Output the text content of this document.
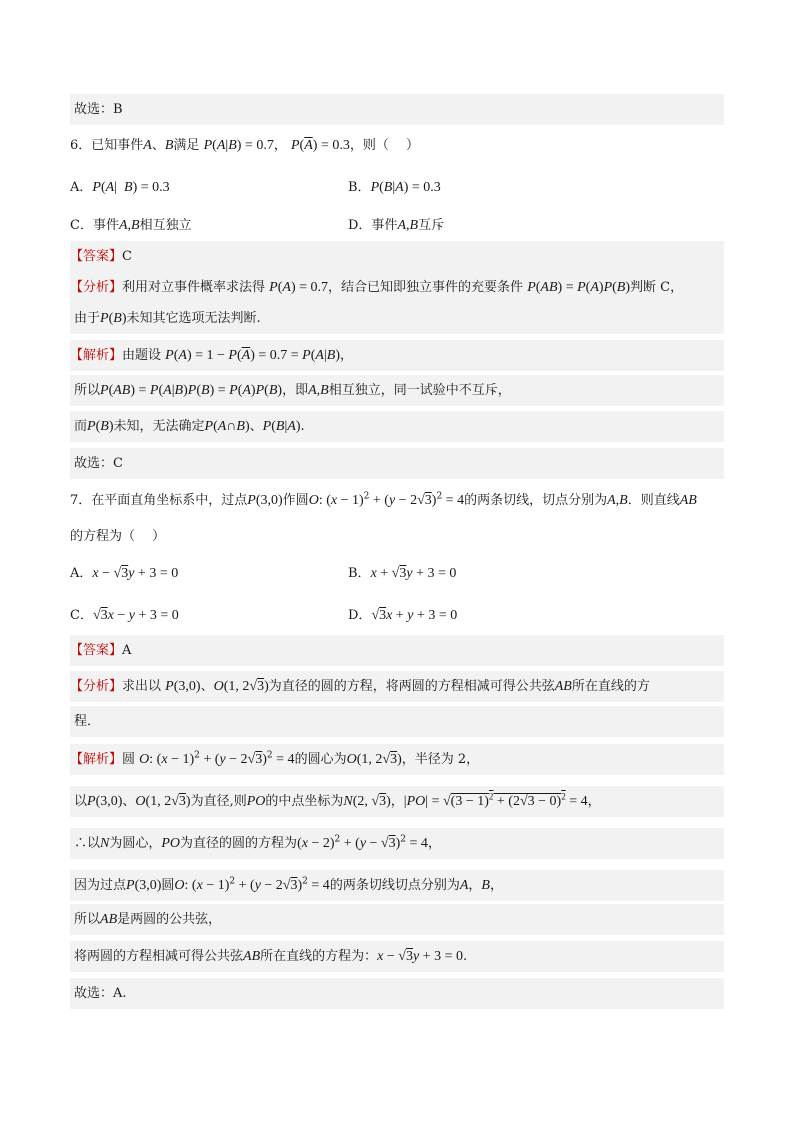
故选：B
6．已知事件A、B满足 P(A|B) = 0.7， $P(\overline{A}) = 0.3$，则（　 ）
A．P(A|  B) = 0.3	B．P(B|A) = 0.3
C．事件A,B相互独立	D．事件A,B互斥
【答案】C
【分析】利用对立事件概率求法得 P(A) = 0.7，结合已知即独立事件的充要条件 P(AB) = P(A)P(B)判断 C，
由于P(B)未知其它选项无法判断.
【解析】由题设 $P(A) = 1 - P(\overline{A}) = 0.7 = P(A|B)$，
所以P(AB) = P(A|B)P(B) = P(A)P(B)，即A,B相互独立，同一试验中不互斥，
而P(B)未知，无法确定P(A∩B)、P(B|A).
故选：C
7．在平面直角坐标系中，过点P(3,0)作圆O: $(x - 1)^2 + (y - 2√3)^2 = 4$的两条切线，切点分别为A,B．则直线AB
的方程为（　 ）
A．x − √3y + 3 = 0	B．x + √3y + 3 = 0
C．√3x − y + 3 = 0	D．√3x + y + 3 = 0
【答案】A
【分析】求出以 P(3,0)、O(1, 2√3)为直径的圆的方程，将两圆的方程相减可得公共弦AB所在直线的方
程．
【解析】圆 O: $(x - 1)^2 + (y - 2√3)^2 = 4$的圆心为O(1, 2√3)，半径为 2，
以P(3,0)、O(1, 2√3)为直径,则PO的中点坐标为N(2, √3)，$|PO| = √(3 - 1)^2 + (2√3 - 0)^2 = 4$，
∴以N为圆心，PO为直径的圆的方程为$(x - 2)^2 + (y - √3)^2 = 4$，
因为过点P(3,0)圆O: $(x - 1)^2 + (y - 2√3)^2 = 4$的两条切线切点分别为A，B，
所以AB是两圆的公共弦，
将两圆的方程相减可得公共弦AB所在直线的方程为：x − √3y + 3 = 0.
故选：A.
